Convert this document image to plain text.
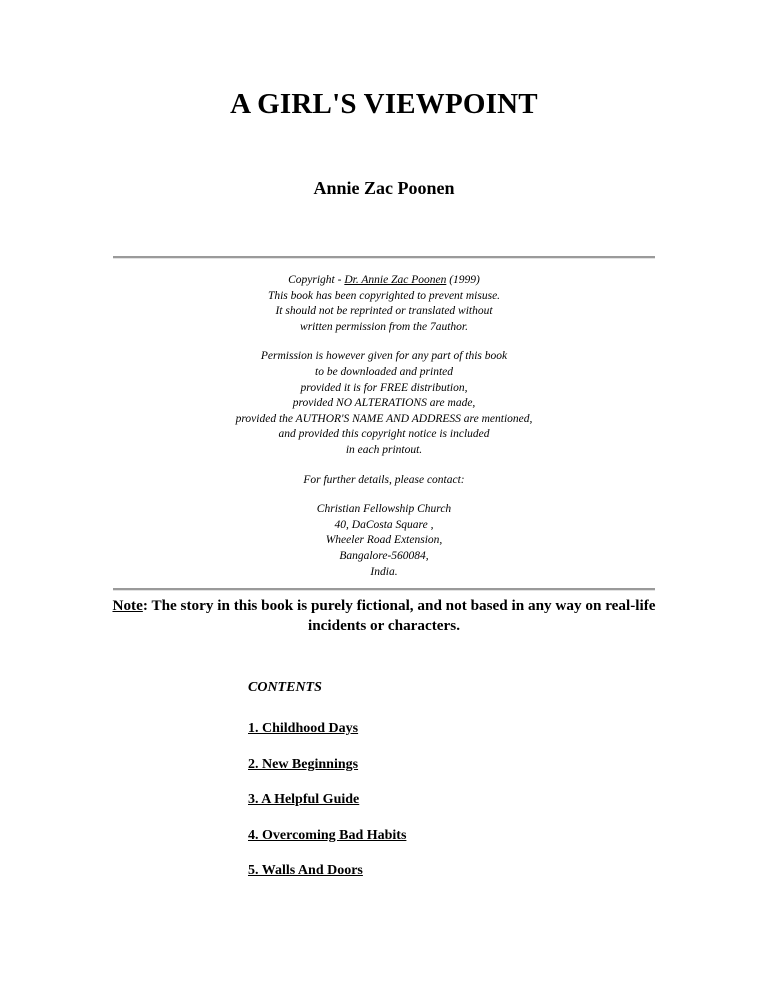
A GIRL'S VIEWPOINT
Annie Zac Poonen

Copyright - Dr. Annie Zac Poonen (1999)
This book has been copyrighted to prevent misuse.
It should not be reprinted or translated without
written permission from the 7author.

Permission is however given for any part of this book
to be downloaded and printed
provided it is for FREE distribution,
provided NO ALTERATIONS are made,
provided the AUTHOR'S NAME AND ADDRESS are mentioned,
and provided this copyright notice is included
in each printout.

For further details, please contact:

Christian Fellowship Church
40, DaCosta Square ,
Wheeler Road Extension,
Bangalore-560084,
India.

Note: The story in this book is purely fictional, and not based in any way on real-life incidents or characters.

CONTENTS

1. Childhood Days
2. New Beginnings
3. A Helpful Guide
4. Overcoming Bad Habits
5. Walls And Doors
